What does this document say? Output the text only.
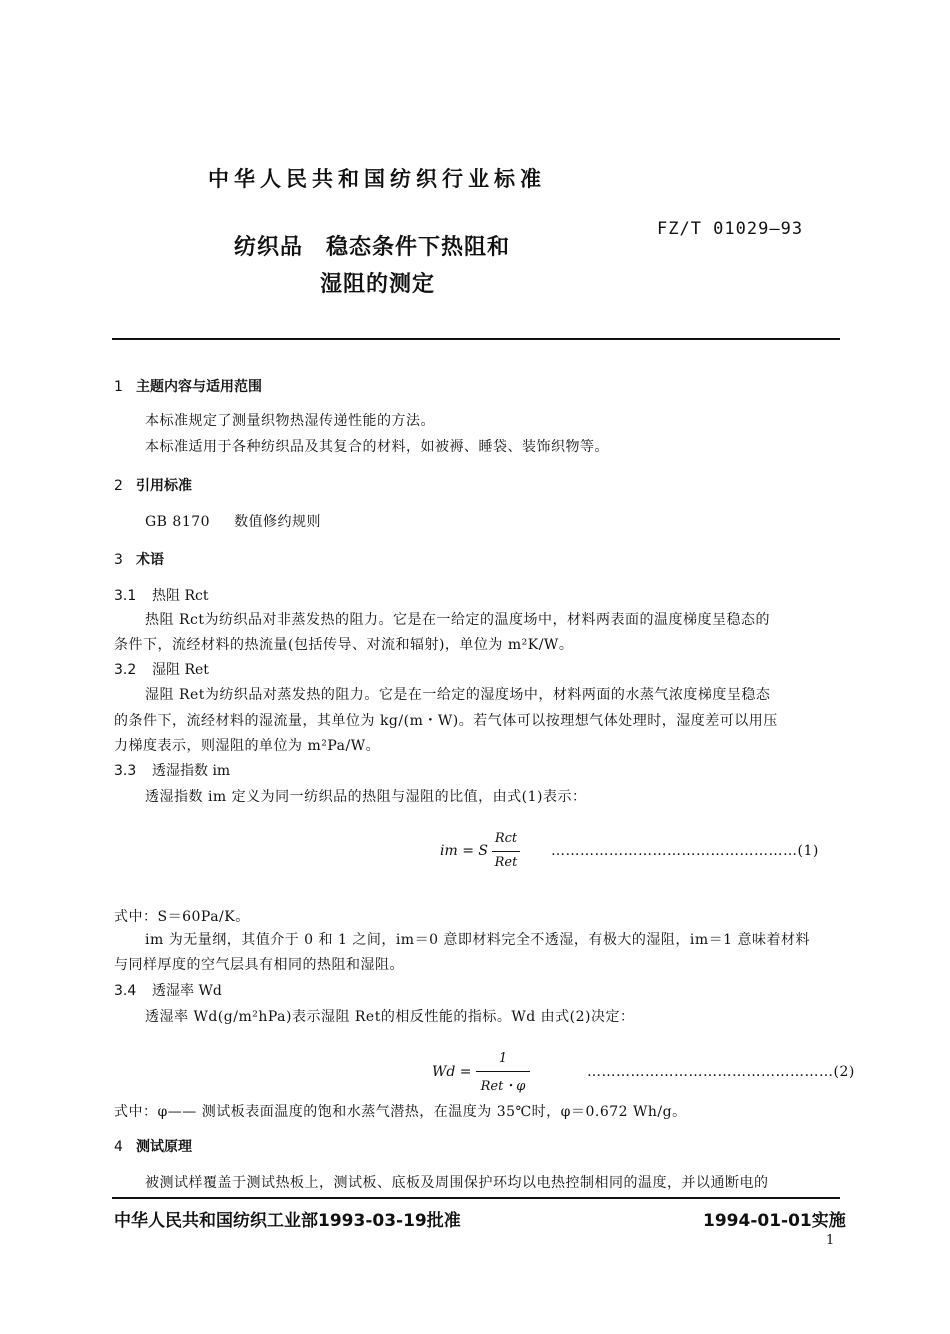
中华人民共和国纺织行业标准
FZ/T 01029—93
纺织品　稳态条件下热阻和
湿阻的测定
1 主题内容与适用范围
本标准规定了测量织物热湿传递性能的方法。
本标准适用于各种纺织品及其复合的材料，如被褥、睡袋、装饰织物等。
2 引用标准
GB 8170 数值修约规则
3 术语
3.1 热阻 Rct
热阻 Rct为纺织品对非蒸发热的阻力。它是在一给定的温度场中，材料两表面的温度梯度呈稳态的
条件下，流经材料的热流量(包括传导、对流和辐射)，单位为 m²K/W。
3.2 湿阻 Ret
湿阻 Ret为纺织品对蒸发热的阻力。它是在一给定的湿度场中，材料两面的水蒸气浓度梯度呈稳态
的条件下，流经材料的湿流量，其单位为 kg/(m・W)。若气体可以按理想气体处理时，湿度差可以用压
力梯度表示，则湿阻的单位为 m²Pa/W。
3.3 透湿指数 im
透湿指数 im 定义为同一纺织品的热阻与湿阻的比值，由式(1)表示：
im = S
Rct
Ret
……………………………………………(1)
式中：S＝60Pa/K。
im 为无量纲，其值介于 0 和 1 之间，im＝0 意即材料完全不透湿，有极大的湿阻，im＝1 意味着材料
与同样厚度的空气层具有相同的热阻和湿阻。
3.4 透湿率 Wd
透湿率 Wd(g/m²hPa)表示湿阻 Ret的相反性能的指标。Wd 由式(2)决定：
Wd =
1
Ret・φ
……………………………………………(2)
式中：φ—— 测试板表面温度的饱和水蒸气潜热，在温度为 35℃时，φ＝0.672 Wh/g。
4 测试原理
被测试样覆盖于测试热板上，测试板、底板及周围保护环均以电热控制相同的温度，并以通断电的
中华人民共和国纺织工业部1993-03-19批准	1994-01-01实施
1
